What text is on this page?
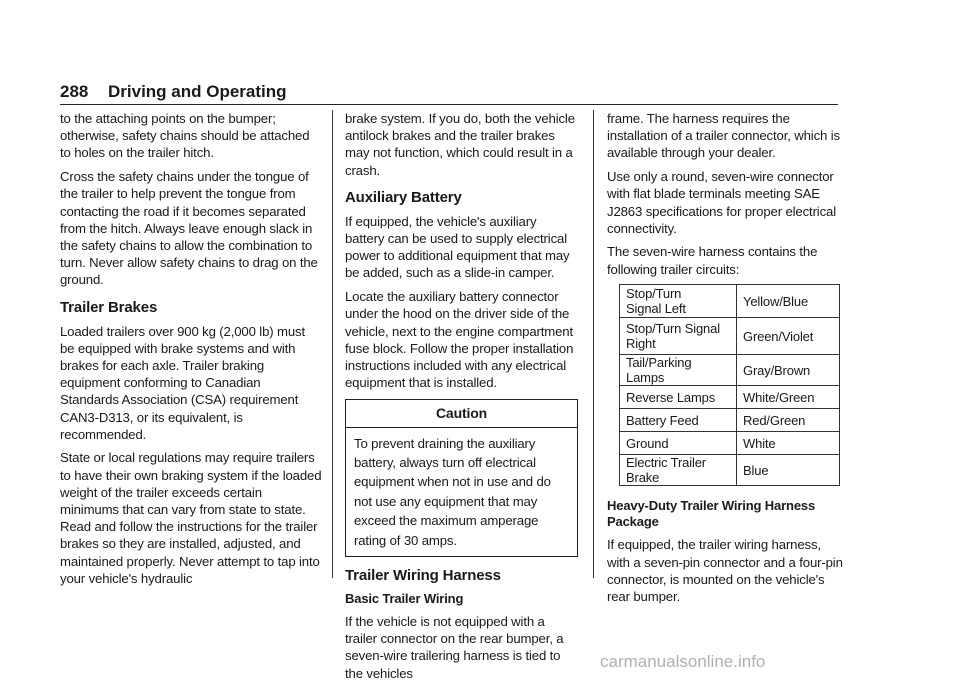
288 Driving and Operating

to the attaching points on the bumper; otherwise, safety chains should be attached to holes on the trailer hitch.

Cross the safety chains under the tongue of the trailer to help prevent the tongue from contacting the road if it becomes separated from the hitch. Always leave enough slack in the safety chains to allow the combination to turn. Never allow safety chains to drag on the ground.

Trailer Brakes

Loaded trailers over 900 kg (2,000 lb) must be equipped with brake systems and with brakes for each axle. Trailer braking equipment conforming to Canadian Standards Association (CSA) requirement CAN3-D313, or its equivalent, is recommended.

State or local regulations may require trailers to have their own braking system if the loaded weight of the trailer exceeds certain minimums that can vary from state to state. Read and follow the instructions for the trailer brakes so they are installed, adjusted, and maintained properly. Never attempt to tap into your vehicle's hydraulic

brake system. If you do, both the vehicle antilock brakes and the trailer brakes may not function, which could result in a crash.

Auxiliary Battery

If equipped, the vehicle's auxiliary battery can be used to supply electrical power to additional equipment that may be added, such as a slide-in camper.

Locate the auxiliary battery connector under the hood on the driver side of the vehicle, next to the engine compartment fuse block. Follow the proper installation instructions included with any electrical equipment that is installed.

Caution
To prevent draining the auxiliary battery, always turn off electrical equipment when not in use and do not use any equipment that may exceed the maximum amperage rating of 30 amps.
Trailer Wiring Harness
Basic Trailer Wiring

If the vehicle is not equipped with a trailer connector on the rear bumper, a seven-wire trailering harness is tied to the vehicles

frame. The harness requires the installation of a trailer connector, which is available through your dealer.

Use only a round, seven-wire connector with flat blade terminals meeting SAE J2863 specifications for proper electrical connectivity.

The seven-wire harness contains the following trailer circuits:

Stop/Turn
Signal Left	Yellow/Blue
Stop/Turn Signal
Right	Green/Violet
Tail/Parking Lamps	Gray/Brown
Reverse Lamps	White/Green
Battery Feed	Red/Green
Ground	White
Electric Trailer Brake	Blue
Heavy-Duty Trailer Wiring Harness Package

If equipped, the trailer wiring harness, with a seven-pin connector and a four-pin connector, is mounted on the vehicle's rear bumper.

carmanualsonline.info
